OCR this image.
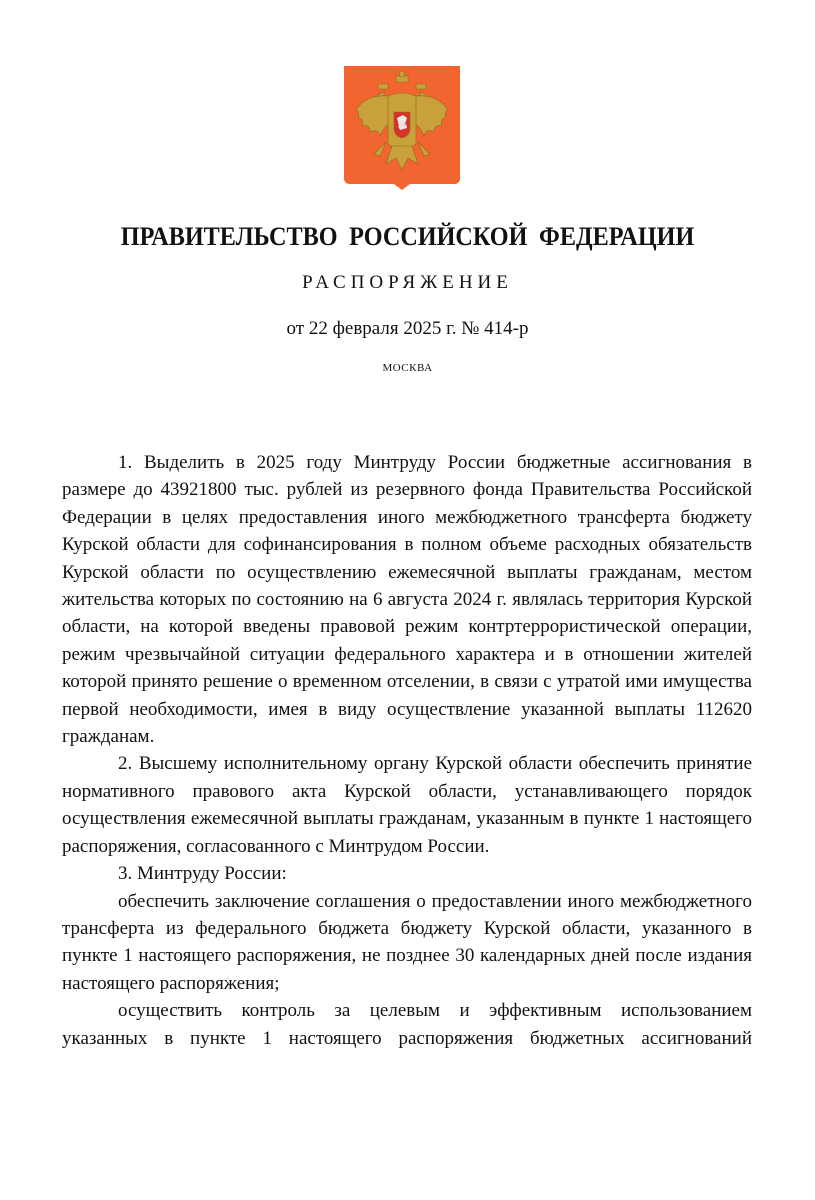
ПРАВИТЕЛЬСТВО РОССИЙСКОЙ ФЕДЕРАЦИИ
РАСПОРЯЖЕНИЕ
от 22 февраля 2025 г. № 414-р
МОСКВА

1. Выделить в 2025 году Минтруду России бюджетные ассигнования в размере до 43921800 тыс. рублей из резервного фонда Правительства Российской Федерации в целях предоставления иного межбюджетного трансферта бюджету Курской области для софинансирования в полном объеме расходных обязательств Курской области по осуществлению ежемесячной выплаты гражданам, местом жительства которых по состоянию на 6 августа 2024 г. являлась территория Курской области, на которой введены правовой режим контртеррористической операции, режим чрезвычайной ситуации федерального характера и в отношении жителей которой принято решение о временном отселении, в связи с утратой ими имущества первой необходимости, имея в виду осуществление указанной выплаты 112620 гражданам.

2. Высшему исполнительному органу Курской области обеспечить принятие нормативного правового акта Курской области, устанавливающего порядок осуществления ежемесячной выплаты гражданам, указанным в пункте 1 настоящего распоряжения, согласованного с Минтрудом России.

3. Минтруду России:

обеспечить заключение соглашения о предоставлении иного межбюджетного трансферта из федерального бюджета бюджету Курской области, указанного в пункте 1 настоящего распоряжения, не позднее 30 календарных дней после издания настоящего распоряжения;

осуществить контроль за целевым и эффективным использованием указанных в пункте 1 настоящего распоряжения бюджетных ассигнований
